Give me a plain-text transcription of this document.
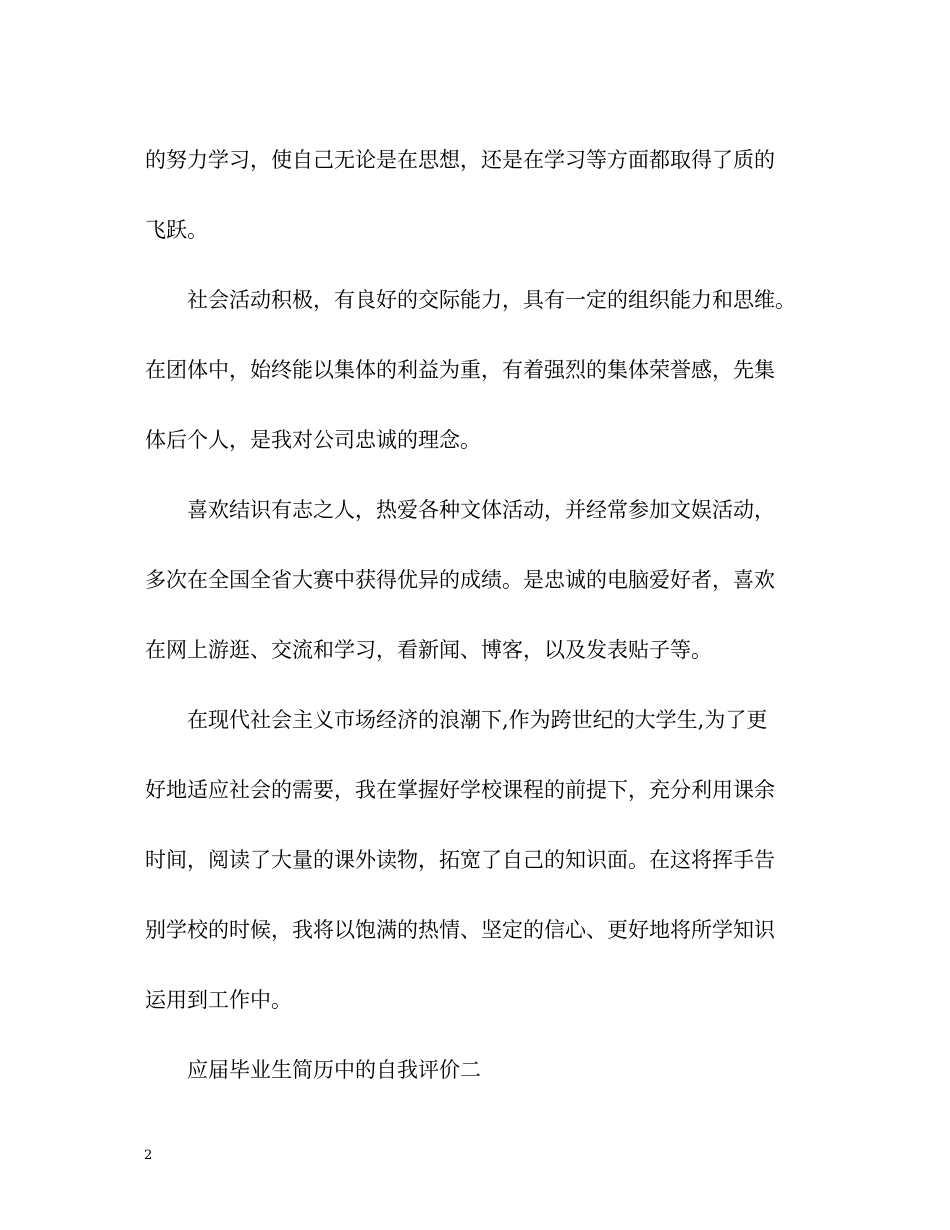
的努力学习，使自己无论是在思想，还是在学习等方面都取得了质的
飞跃。
社会活动积极，有良好的交际能力，具有一定的组织能力和思维。
在团体中，始终能以集体的利益为重，有着强烈的集体荣誉感，先集
体后个人，是我对公司忠诚的理念。
喜欢结识有志之人，热爱各种文体活动，并经常参加文娱活动，
多次在全国全省大赛中获得优异的成绩。是忠诚的电脑爱好者，喜欢
在网上游逛、交流和学习，看新闻、博客，以及发表贴子等。
在现代社会主义市场经济的浪潮下,作为跨世纪的大学生,为了更
好地适应社会的需要，我在掌握好学校课程的前提下，充分利用课余
时间，阅读了大量的课外读物，拓宽了自己的知识面。在这将挥手告
别学校的时候，我将以饱满的热情、坚定的信心、更好地将所学知识
运用到工作中。
应届毕业生简历中的自我评价二
2
